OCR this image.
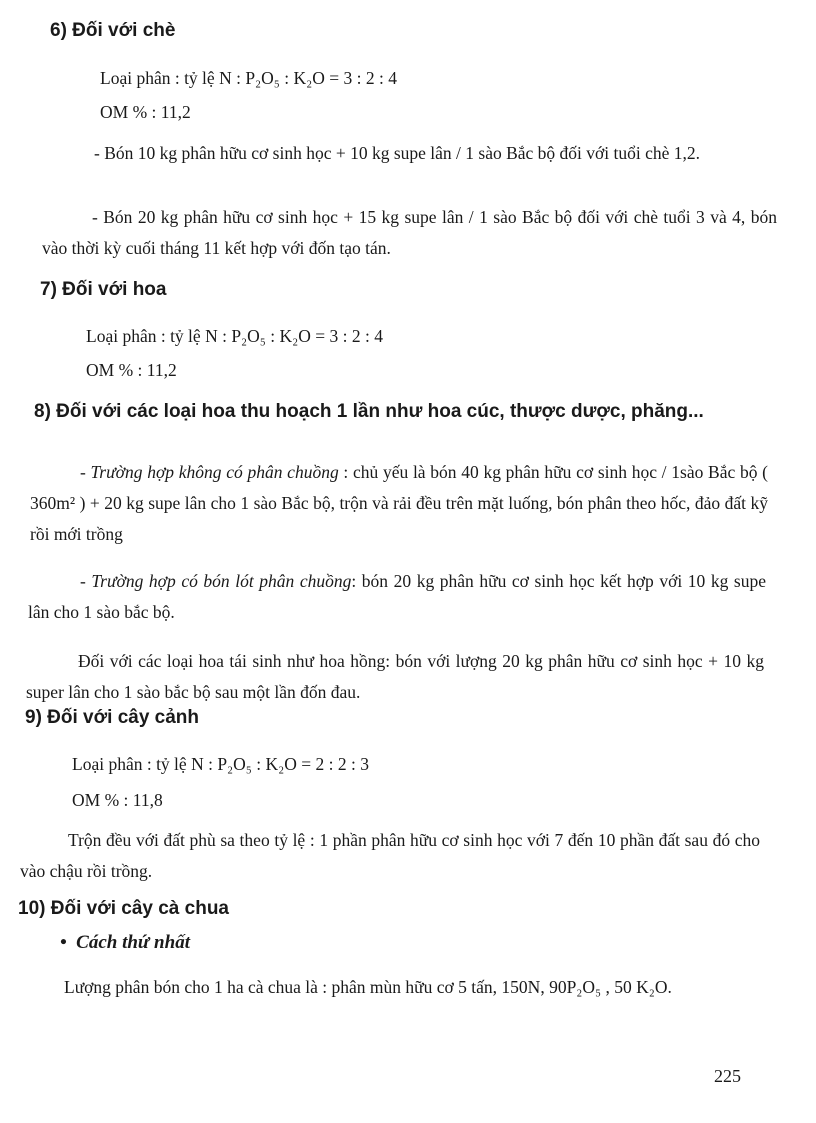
6) Đối với chè

Loại phân : tỷ lệ N : P₂O₅ : K₂O = 3 : 2 : 4

OM % : 11,2

- Bón 10 kg phân hữu cơ sinh học + 10 kg supe lân / 1 sào Bắc bộ đối với tuổi chè 1,2.

- Bón 20 kg phân hữu cơ sinh học + 15 kg supe lân / 1 sào Bắc bộ đối với chè tuổi 3 và 4, bón vào thời kỳ cuối tháng 11 kết hợp với đốn tạo tán.

7) Đối với hoa

Loại phân : tỷ lệ N : P₂O₅ : K₂O = 3 : 2 : 4

OM % : 11,2

8) Đối với các loại hoa thu hoạch 1 lần như hoa cúc, thược dược, phăng...

- Trường hợp không có phân chuồng : chủ yếu là bón 40 kg phân hữu cơ sinh học / 1sào Bắc bộ ( 360m² ) + 20 kg supe lân cho 1 sào Bắc bộ, trộn và rải đều trên mặt luống, bón phân theo hốc, đảo đất kỹ rồi mới trồng

- Trường hợp có bón lót phân chuồng: bón 20 kg phân hữu cơ sinh học kết hợp với 10 kg supe lân cho 1 sào bắc bộ.

Đối với các loại hoa tái sinh như hoa hồng: bón với lượng 20 kg phân hữu cơ sinh học + 10 kg super lân cho 1 sào bắc bộ sau một lần đốn đau.

9) Đối với cây cảnh

Loại phân : tỷ lệ N : P₂O₅ : K₂O = 2 : 2 : 3

OM % : 11,8

Trộn đều với đất phù sa theo tỷ lệ : 1 phần phân hữu cơ sinh học với 7 đến 10 phần đất sau đó cho vào chậu rồi trồng.

10) Đối với cây cà chua

• Cách thứ nhất

Lượng phân bón cho 1 ha cà chua là : phân mùn hữu cơ 5 tấn, 150N, 90P₂O₅ , 50 K₂O.

225
